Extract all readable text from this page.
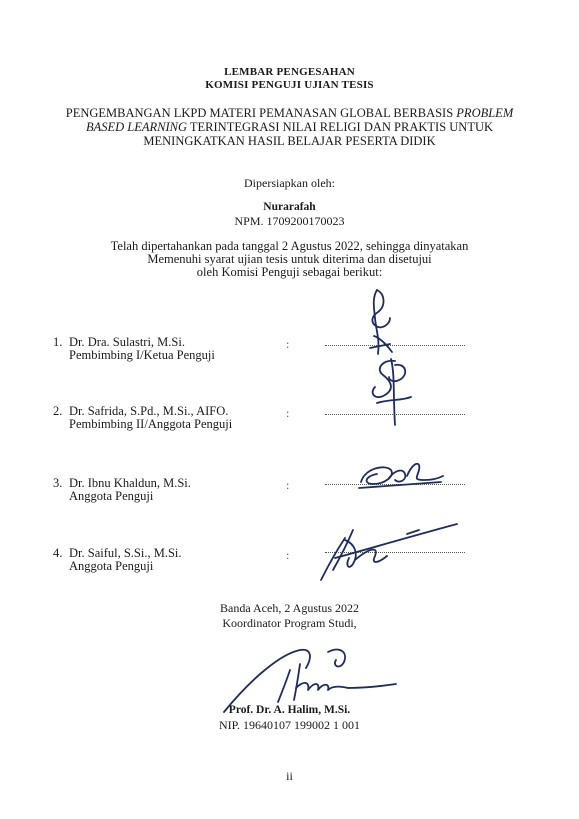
LEMBAR PENGESAHAN
KOMISI PENGUJI UJIAN TESIS
PENGEMBANGAN LKPD MATERI PEMANASAN GLOBAL BERBASIS PROBLEM
BASED LEARNING TERINTEGRASI NILAI RELIGI DAN PRAKTIS UNTUK
MENINGKATKAN HASIL BELAJAR PESERTA DIDIK
Dipersiapkan oleh:
Nurarafah
NPM. 1709200170023
Telah dipertahankan pada tanggal 2 Agustus 2022, sehingga dinyatakan
Memenuhi syarat ujian tesis untuk diterima dan disetujui
oleh Komisi Penguji sebagai berikut:
1. Dr. Dra. Sulastri, M.Si.
Pembimbing I/Ketua Penguji
:
2. Dr. Safrida, S.Pd., M.Si., AIFO.
Pembimbing II/Anggota Penguji
:
3. Dr. Ibnu Khaldun, M.Si.
Anggota Penguji
:
4. Dr. Saiful, S.Si., M.Si.
Anggota Penguji
:
Banda Aceh, 2 Agustus 2022
Koordinator Program Studi,
Prof. Dr. A. Halim, M.Si.
NIP. 19640107 199002 1 001
ii
